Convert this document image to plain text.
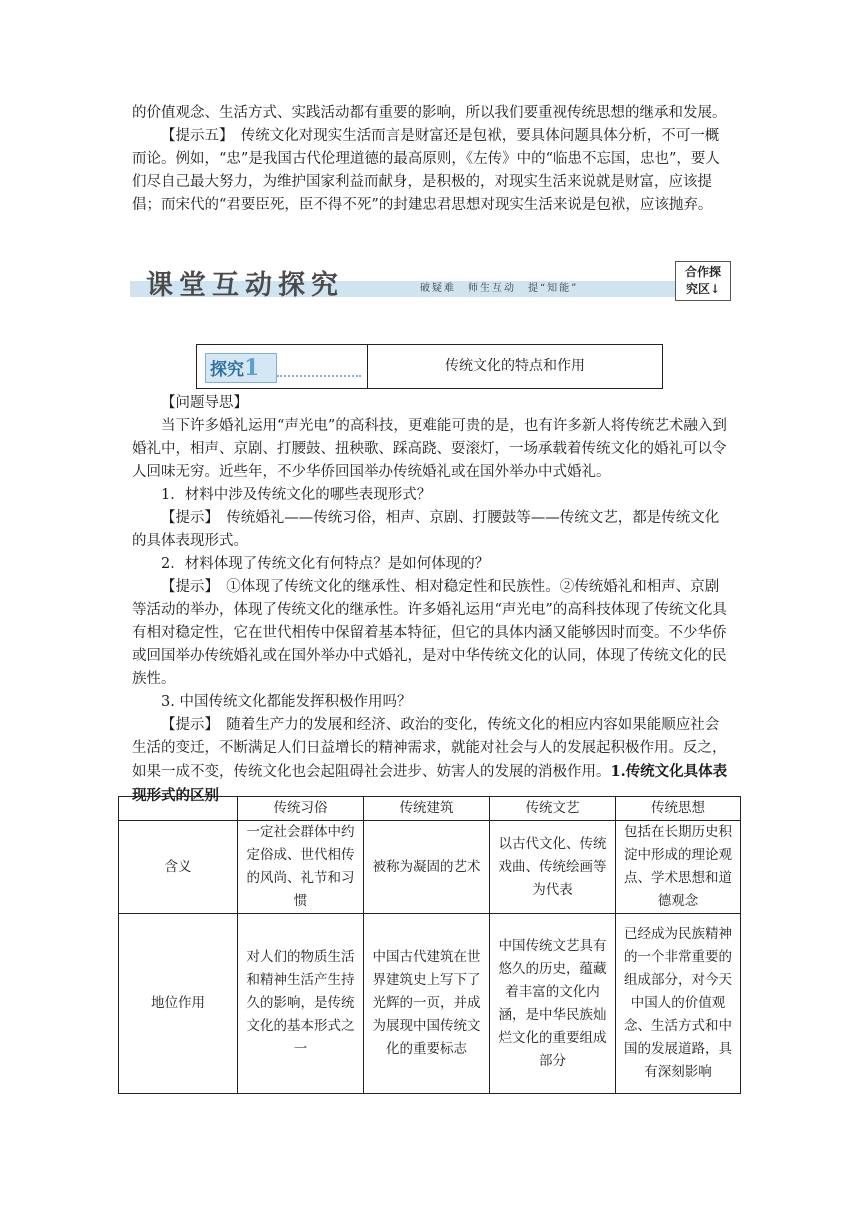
的价值观念、生活方式、实践活动都有重要的影响，所以我们要重视传统思想的继承和发展。

【提示五】　传统文化对现实生活而言是财富还是包袱，要具体问题具体分析，不可一概而论。例如，“忠”是我国古代伦理道德的最高原则，《左传》中的“临患不忘国，忠也”，要人们尽自己最大努力，为维护国家利益而献身，是积极的，对现实生活来说就是财富，应该提倡；而宋代的“君要臣死，臣不得不死”的封建忠君思想对现实生活来说是包袱，应该抛弃。

课堂互动探究	破疑难　师生互动　提“知能”
合作探
究区↓
探究1	传统文化的特点和作用

【问题导思】

当下许多婚礼运用“声光电”的高科技，更难能可贵的是，也有许多新人将传统艺术融入到婚礼中，相声、京剧、打腰鼓、扭秧歌、踩高跷、耍滚灯，一场承载着传统文化的婚礼可以令人回味无穷。近些年，不少华侨回国举办传统婚礼或在国外举办中式婚礼。

1．材料中涉及传统文化的哪些表现形式？

【提示】　传统婚礼——传统习俗，相声、京剧、打腰鼓等——传统文艺，都是传统文化的具体表现形式。

2．材料体现了传统文化有何特点？是如何体现的？

【提示】　①体现了传统文化的继承性、相对稳定性和民族性。②传统婚礼和相声、京剧等活动的举办，体现了传统文化的继承性。许多婚礼运用“声光电”的高科技体现了传统文化具有相对稳定性，它在世代相传中保留着基本特征，但它的具体内涵又能够因时而变。不少华侨或回国举办传统婚礼或在国外举办中式婚礼，是对中华传统文化的认同，体现了传统文化的民族性。

3. 中国传统文化都能发挥积极作用吗？

【提示】　随着生产力的发展和经济、政治的变化，传统文化的相应内容如果能顺应社会生活的变迁，不断满足人们日益增长的精神需求，就能对社会与人的发展起积极作用。反之，如果一成不变，传统文化也会起阻碍社会进步、妨害人的发展的消极作用。1.传统文化具体表现形式的区别

	传统习俗	传统建筑	传统文艺	传统思想
含义	一定社会群体中约定俗成、世代相传的风尚、礼节和习惯	被称为凝固的艺术	以古代文化、传统戏曲、传统绘画等为代表	包括在长期历史积淀中形成的理论观点、学术思想和道德观念
地位作用	对人们的物质生活和精神生活产生持久的影响，是传统文化的基本形式之一	中国古代建筑在世界建筑史上写下了光辉的一页，并成为展现中国传统文化的重要标志	中国传统文艺具有悠久的历史，蕴藏着丰富的文化内涵，是中华民族灿烂文化的重要组成部分	已经成为民族精神的一个非常重要的组成部分，对今天中国人的价值观念、生活方式和中国的发展道路，具有深刻影响
